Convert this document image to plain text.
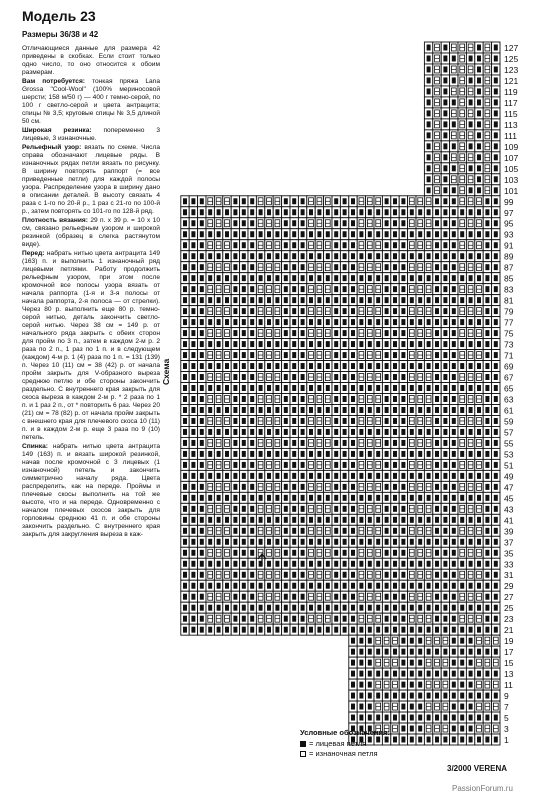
Модель 23
Размеры 36/38 и 42

Отличающиеся данные для размера 42 приведены в скобках. Если стоит только одно число, то оно относится к обоим размерам.

Вам потребуется: тонкая пряжа Lana Grossa "Cool-Wool" (100% мериносовой шерсти; 158 м/50 г) — 400 г темно-серой, по 100 г светло-серой и цвета антрацита; спицы № 3,5; круговые спицы № 3,5 длиной 50 см.

Широкая резинка: попеременно 3 лицевые, 3 изнаночные.

Рельефный узор: вязать по схеме. Числа справа обозначают лицевые ряды. В изнаночных рядах петли вязать по рисунку. В ширину повторять раппорт (= все приведенные петли) для каждой полосы узора. Распределение узора в ширину дано в описании деталей. В высоту связать 4 раза с 1-го по 20-й р., 1 раз с 21-го по 100-й р., затем повторять со 101-го по 128-й ряд.

Плотность вязания: 29 п. x 39 р. = 10 x 10 см, связано рельефным узором и широкой резинкой (образец в слегка растянутом виде).

Перед: набрать нитью цвета антрацита 149 (163) п. и выполнить 1 изнаночный ряд лицевыми петлями. Работу продолжить рельефным узором, при этом после кромочной все полосы узора вязать от начала раппорта (1-я и 3-я полосы от начала раппорта, 2-я полоса — от стрелки). Через 80 р. выполнить еще 80 р. темно-серой нитью, деталь закончить светло-серой нитью. Через 38 см = 149 р. от начального ряда закрыть с обеих сторон для пройм по 3 п., затем в каждом 2-м р. 2 раза по 2 п., 1 раз по 1 п. и в следующем (каждом) 4-м р. 1 (4) раза по 1 п. = 131 (139) п. Через 10 (11) см = 38 (42) р. от начала пройм закрыть для V-образного выреза среднюю петлю и обе стороны закончить раздельно. С внутреннего края закрыть для скоса выреза в каждом 2-м р. * 2 раза по 1 п. и 1 раз 2 п., от * повторить 6 раз. Через 20 (21) см = 78 (82) р. от начала пройм закрыть с внешнего края для плечевого скоса 10 (11) п. и в каждом 2-м р. еще 3 раза по 9 (10) петель.

Спинка: набрать нитью цвета антрацита 149 (163) п. и вязать широкой резинкой, начав после кромочной с 3 лицевых (1 изнаночной) петель и закончить симметрично началу ряда. Цвета распределить, как на переде. Проймы и плечевые скосы выполнить на той же высоте, что и на переде. Одновременно с началом плечевых скосов закрыть для горловины среднюю 41 п. и обе стороны закончить раздельно. С внутреннего края закрыть для закругления выреза в каж-

Схема
127
125
123
121
119
117
115
113
111
109
107
105
103
101
99
97
95
93
91
89
87
85
83
81
79
77
75
73
71
69
67
65
63
61
59
57
55
53
51
49
47
45
43
41
39
37
35
33
31
29
27
25
23
21
19
17
15
13
11
9
7
5
3
1
Условные обозначения:
= лицевая петля
= изнаночная петля
3/2000 VERENA
PassionForum.ru
